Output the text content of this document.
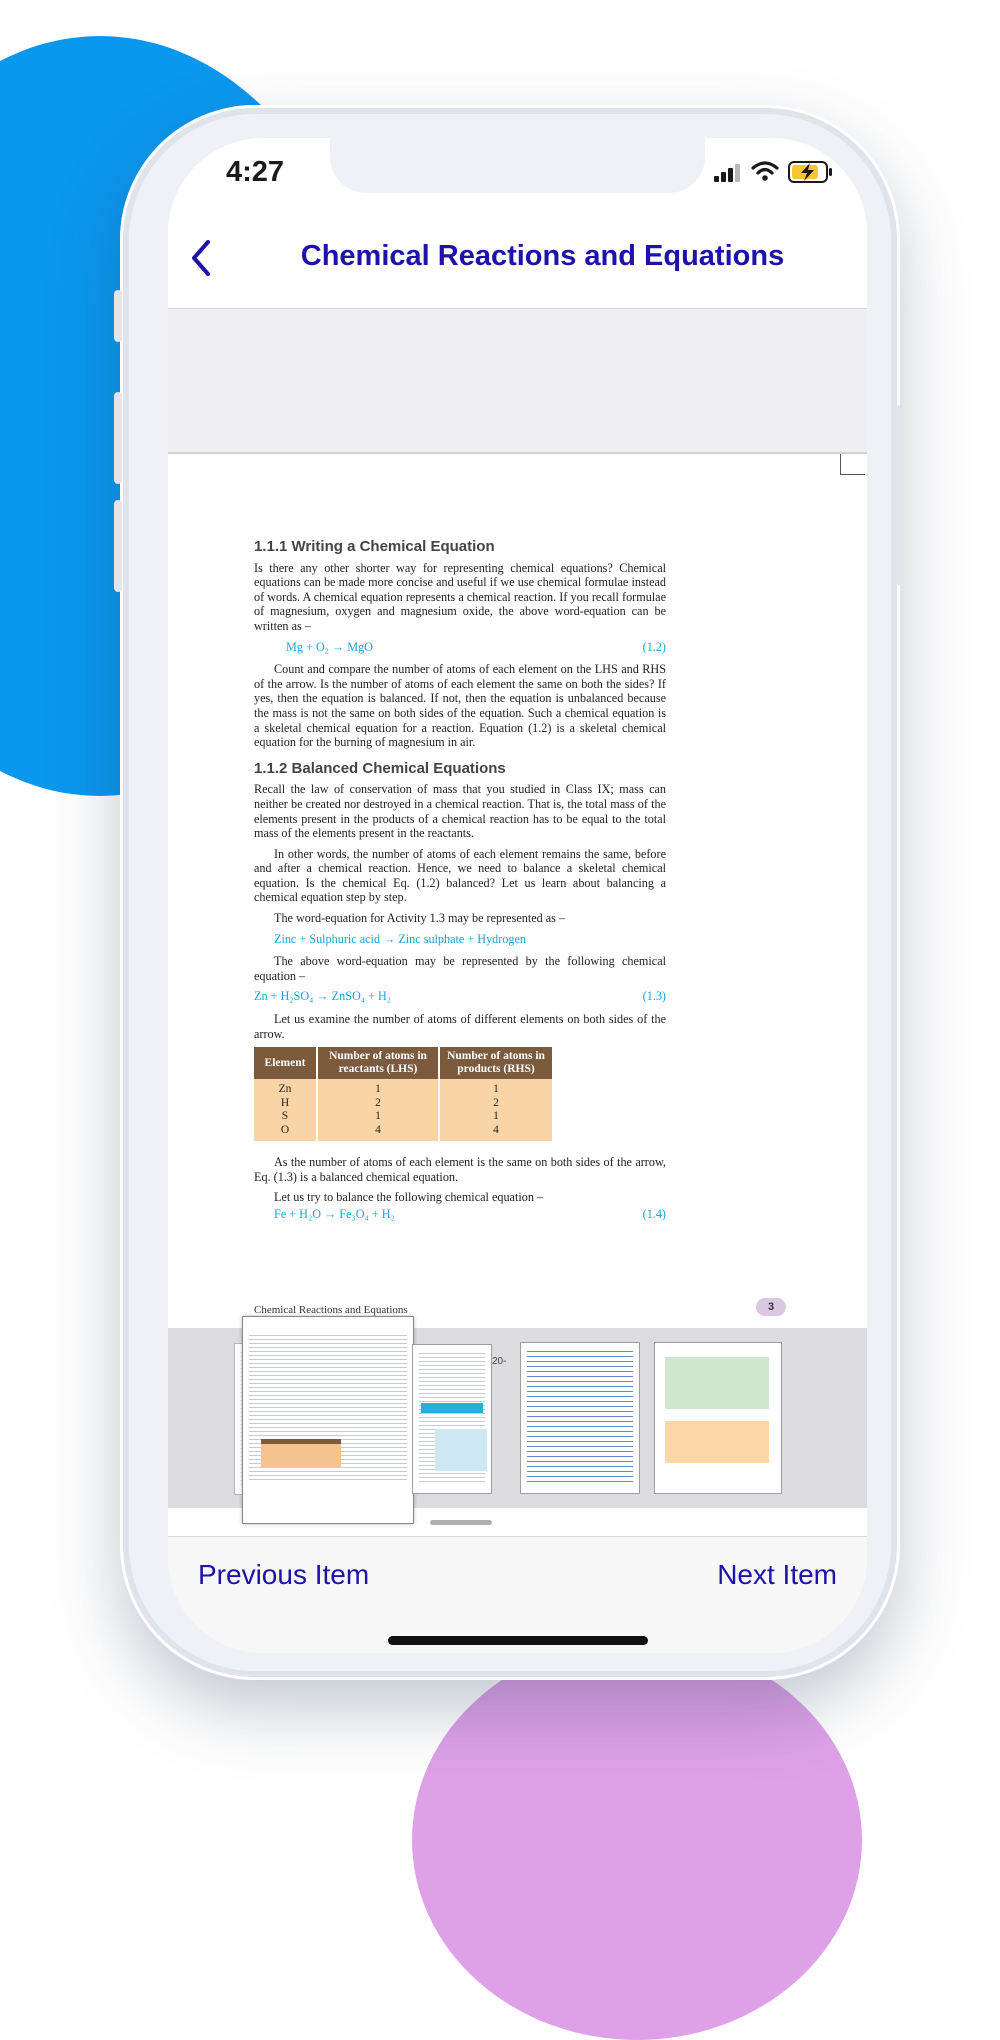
4:27
Chemical Reactions and Equations
1.1.1 Writing a Chemical Equation

Is there any other shorter way for representing chemical equations? Chemical equations can be made more concise and useful if we use chemical formulae instead of words. A chemical equation represents a chemical reaction. If you recall formulae of magnesium, oxygen and magnesium oxide, the above word-equation can be written as –

Mg + O₂ → MgO	(1.2)

Count and compare the number of atoms of each element on the LHS and RHS of the arrow. Is the number of atoms of each element the same on both the sides? If yes, then the equation is balanced. If not, then the equation is unbalanced because the mass is not the same on both sides of the equation. Such a chemical equation is a skeletal chemical equation for a reaction. Equation (1.2) is a skeletal chemical equation for the burning of magnesium in air.

1.1.2 Balanced Chemical Equations

Recall the law of conservation of mass that you studied in Class IX; mass can neither be created nor destroyed in a chemical reaction. That is, the total mass of the elements present in the products of a chemical reaction has to be equal to the total mass of the elements present in the reactants.

In other words, the number of atoms of each element remains the same, before and after a chemical reaction. Hence, we need to balance a skeletal chemical equation. Is the chemical Eq. (1.2) balanced? Let us learn about balancing a chemical equation step by step.

The word-equation for Activity 1.3 may be represented as –

Zinc + Sulphuric acid → Zinc sulphate + Hydrogen

The above word-equation may be represented by the following chemical equation –

Zn + H₂SO₄ → ZnSO₄ + H₂	(1.3)

Let us examine the number of atoms of different elements on both sides of the arrow.

Element	Number of atoms in reactants (LHS)	Number of atoms in products (RHS)
Zn	1	1
H	2	2
S	1	1
O	4	4

As the number of atoms of each element is the same on both sides of the arrow, Eq. (1.3) is a balanced chemical equation.

Let us try to balance the following chemical equation –

Fe + H₂O → Fe₃O₄ + H₂	(1.4)
Chemical Reactions and Equations	3
20-
Previous Item	Next Item
